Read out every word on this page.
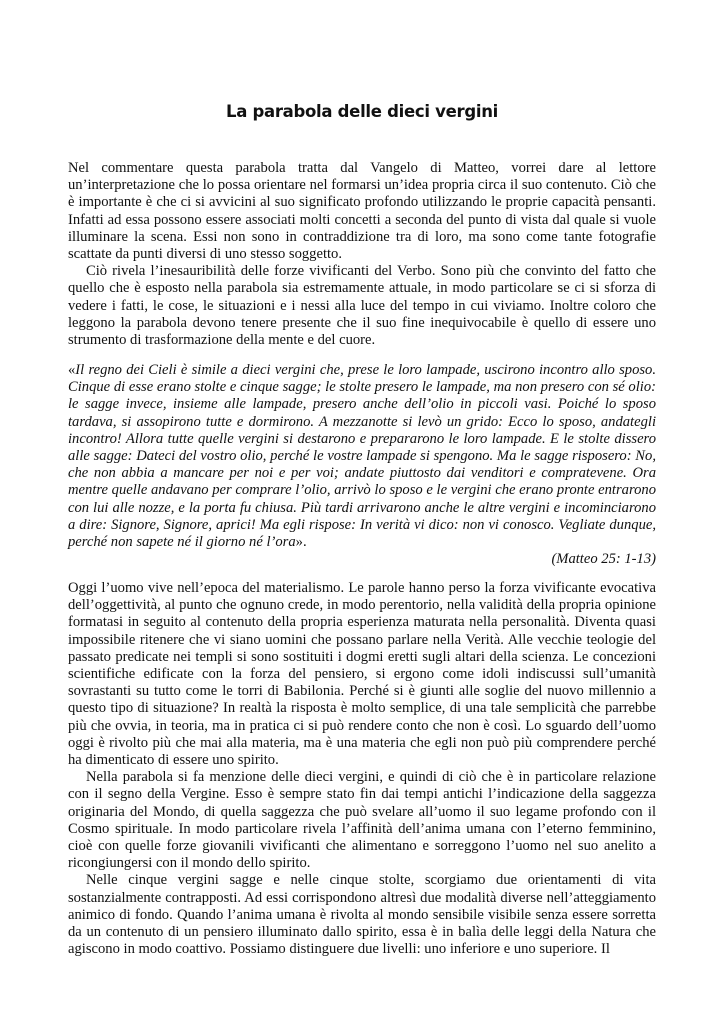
La parabola delle dieci vergini

Nel commentare questa parabola tratta dal Vangelo di Matteo, vorrei dare al lettore un’interpretazione che lo possa orientare nel formarsi un’idea propria circa il suo contenuto. Ciò che è importante è che ci si avvicini al suo significato profondo utilizzando le proprie capacità pensanti. Infatti ad essa possono essere associati molti concetti a seconda del punto di vista dal quale si vuole illuminare la scena. Essi non sono in contraddizione tra di loro, ma sono come tante fotografie scattate da punti diversi di uno stesso soggetto.

Ciò rivela l’inesauribilità delle forze vivificanti del Verbo. Sono più che convinto del fatto che quello che è esposto nella parabola sia estremamente attuale, in modo particolare se ci si sforza di vedere i fatti, le cose, le situazioni e i nessi alla luce del tempo in cui viviamo. Inoltre coloro che leggono la parabola devono tenere presente che il suo fine inequivocabile è quello di essere uno strumento di trasformazione della mente e del cuore.

«Il regno dei Cieli è simile a dieci vergini che, prese le loro lampade, uscirono incontro allo sposo. Cinque di esse erano stolte e cinque sagge; le stolte presero le lampade, ma non presero con sé olio: le sagge invece, insieme alle lampade, presero anche dell’olio in piccoli vasi. Poiché lo sposo tardava, si assopirono tutte e dormirono. A mezzanotte si levò un grido: Ecco lo sposo, andategli incontro! Allora tutte quelle vergini si destarono e prepararono le loro lampade. E le stolte dissero alle sagge: Dateci del vostro olio, perché le vostre lampade si spengono. Ma le sagge risposero: No, che non abbia a mancare per noi e per voi; andate piuttosto dai venditori e compratevene. Ora mentre quelle andavano per comprare l’olio, arrivò lo sposo e le vergini che erano pronte entrarono con lui alle nozze, e la porta fu chiusa. Più tardi arrivarono anche le altre vergini e incominciarono a dire: Signore, Signore, aprici! Ma egli rispose: In verità vi dico: non vi conosco. Vegliate dunque, perché non sapete né il giorno né l’ora».

(Matteo 25: 1-13)

Oggi l’uomo vive nell’epoca del materialismo. Le parole hanno perso la forza vivificante evocativa dell’oggettività, al punto che ognuno crede, in modo perentorio, nella validità della propria opinione formatasi in seguito al contenuto della propria esperienza maturata nella personalità. Diventa quasi impossibile ritenere che vi siano uomini che possano parlare nella Verità. Alle vecchie teologie del passato predicate nei templi si sono sostituiti i dogmi eretti sugli altari della scienza. Le concezioni scientifiche edificate con la forza del pensiero, si ergono come idoli indiscussi sull’umanità sovrastanti su tutto come le torri di Babilonia. Perché si è giunti alle soglie del nuovo millennio a questo tipo di situazione? In realtà la risposta è molto semplice, di una tale semplicità che parrebbe più che ovvia, in teoria, ma in pratica ci si può rendere conto che non è così. Lo sguardo dell’uomo oggi è rivolto più che mai alla materia, ma è una materia che egli non può più comprendere perché ha dimenticato di essere uno spirito.

Nella parabola si fa menzione delle dieci vergini, e quindi di ciò che è in particolare relazione con il segno della Vergine. Esso è sempre stato fin dai tempi antichi l’indicazione della saggezza originaria del Mondo, di quella saggezza che può svelare all’uomo il suo legame profondo con il Cosmo spirituale. In modo particolare rivela l’affinità dell’anima umana con l’eterno femminino, cioè con quelle forze giovanili vivificanti che alimentano e sorreggono l’uomo nel suo anelito a ricongiungersi con il mondo dello spirito.

Nelle cinque vergini sagge e nelle cinque stolte, scorgiamo due orientamenti di vita sostanzialmente contrapposti. Ad essi corrispondono altresì due modalità diverse nell’atteggiamento animico di fondo. Quando l’anima umana è rivolta al mondo sensibile visibile senza essere sorretta da un contenuto di un pensiero illuminato dallo spirito, essa è in balìa delle leggi della Natura che agiscono in modo coattivo. Possiamo distinguere due livelli: uno inferiore e uno superiore. Il
